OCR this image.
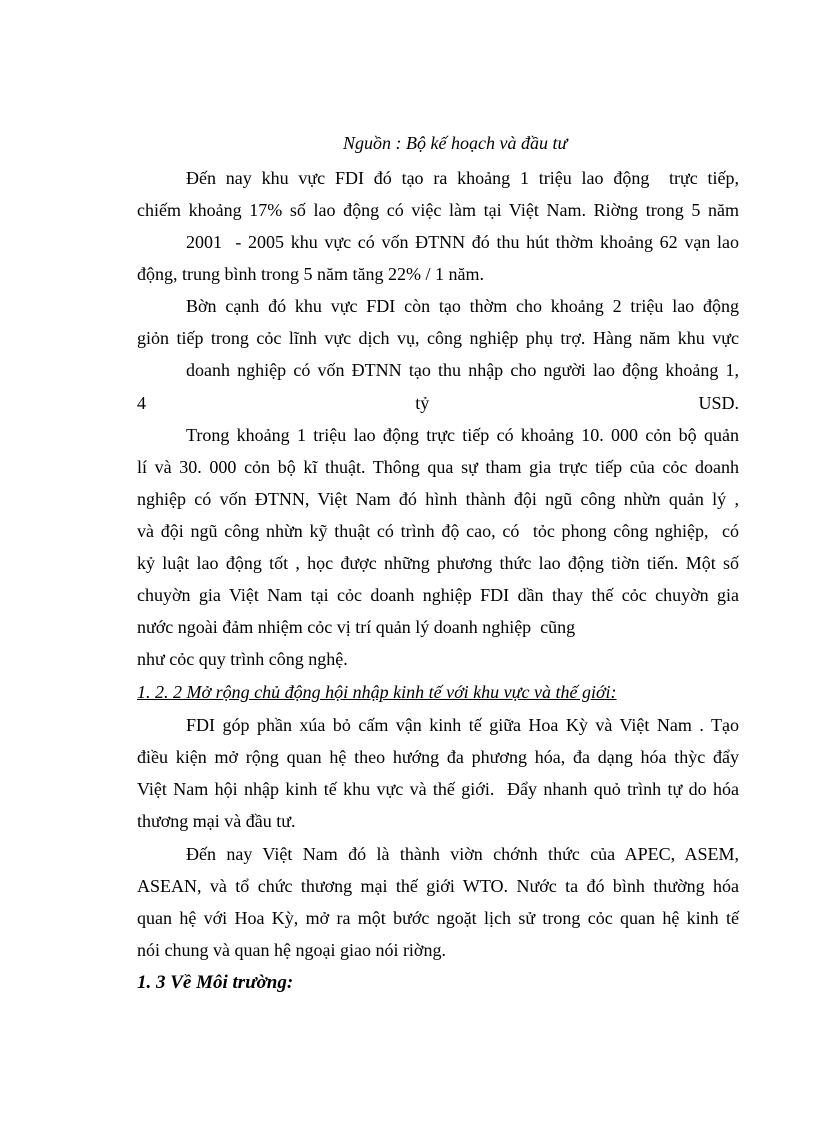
Nguồn : Bộ kế hoạch và đầu tư
Đến nay khu vực FDI đó tạo ra khoảng 1 triệu lao động  trực tiếp,
chiếm khoảng 17% số lao động có việc làm tại Việt Nam. Riờng trong 5 năm
2001  - 2005 khu vực có vốn ĐTNN đó thu hút thờm khoảng 62 vạn lao
động, trung bình trong 5 năm tăng 22% / 1 năm.
Bờn cạnh đó khu vực FDI còn tạo thờm cho khoảng 2 triệu lao động
giỏn tiếp trong cỏc lĩnh vực dịch vụ, công nghiệp phụ trợ. Hàng năm khu vực
doanh nghiệp có vốn ĐTNN tạo thu nhập cho người lao động khoảng 1,
4	tỷ	USD.
Trong khoảng 1 triệu lao động trực tiếp có khoảng 10. 000 cỏn bộ quản
lí và 30. 000 cỏn bộ kĩ thuật. Thông qua sự tham gia trực tiếp của cỏc doanh
nghiệp có vốn ĐTNN, Việt Nam đó hình thành đội ngũ công nhừn quản lý ,
và đội ngũ công nhừn kỹ thuật có trình độ cao, có  tỏc phong công nghiệp,  có
kỷ luật lao động tốt , học được những phương thức lao động tiờn tiến. Một số
chuyờn gia Việt Nam tại cỏc doanh nghiệp FDI dần thay thế cỏc chuyờn gia
nước ngoài đảm nhiệm cỏc vị trí quản lý doanh nghiệp  cũng
như cỏc quy trình công nghệ.
1. 2. 2 Mở rộng chủ động hội nhập kinh tế với khu vực và thế giới:
FDI góp phần xúa bỏ cấm vận kinh tế giữa Hoa Kỳ và Việt Nam . Tạo
điều kiện mở rộng quan hệ theo hướng đa phương hóa, đa dạng hóa thỳc đẩy
Việt Nam hội nhập kinh tế khu vực và thế giới.  Đẩy nhanh quỏ trình tự do hóa
thương mại và đầu tư.
Đến nay Việt Nam đó là thành viờn chớnh thức của APEC, ASEM,
ASEAN, và tổ chức thương mại thế giới WTO. Nước ta đó bình thường hóa
quan hệ với Hoa Kỳ, mở ra một bước ngoặt lịch sử trong cỏc quan hệ kinh tế
nói chung và quan hệ ngoại giao nói riờng.
1. 3 Về Môi trường:
